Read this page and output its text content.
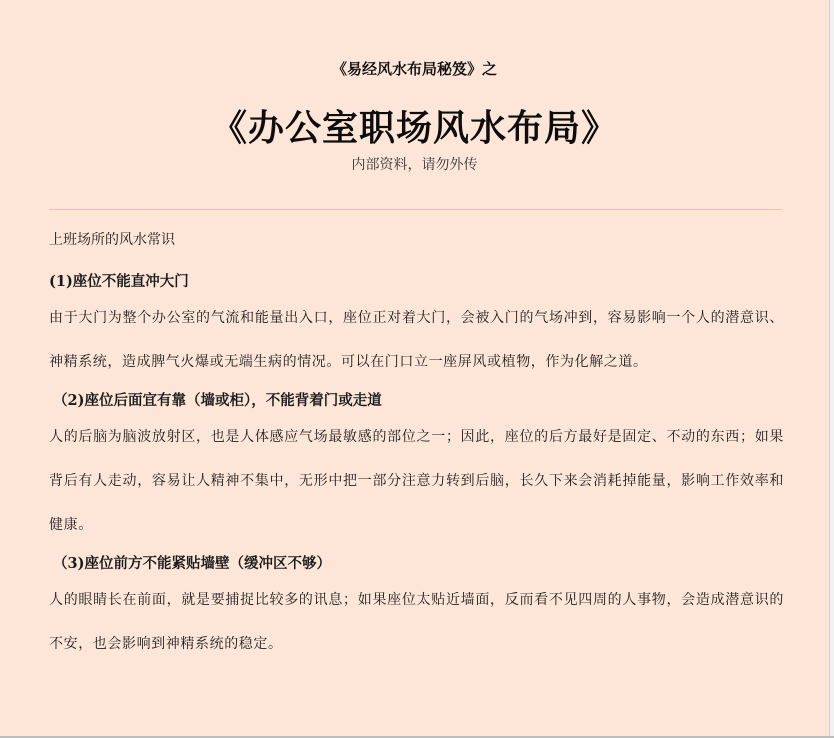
《易经风水布局秘笈》之
《办公室职场风水布局》
内部资料，请勿外传

上班场所的风水常识

(1)座位不能直冲大门

由于大门为整个办公室的气流和能量出入口，座位正对着大门，会被入门的气场冲到，容易影响一个人的潜意识、神精系统，造成脾气火爆或无端生病的情况。可以在门口立一座屏风或植物，作为化解之道。

（2)座位后面宜有靠（墙或柜），不能背着门或走道

人的后脑为脑波放射区，也是人体感应气场最敏感的部位之一；因此，座位的后方最好是固定、不动的东西；如果背后有人走动，容易让人精神不集中，无形中把一部分注意力转到后脑，长久下来会消耗掉能量，影响工作效率和健康。

（3)座位前方不能紧贴墙壁（缓冲区不够）

人的眼睛长在前面，就是要捕捉比较多的讯息；如果座位太贴近墙面，反而看不见四周的人事物，会造成潜意识的不安，也会影响到神精系统的稳定。
